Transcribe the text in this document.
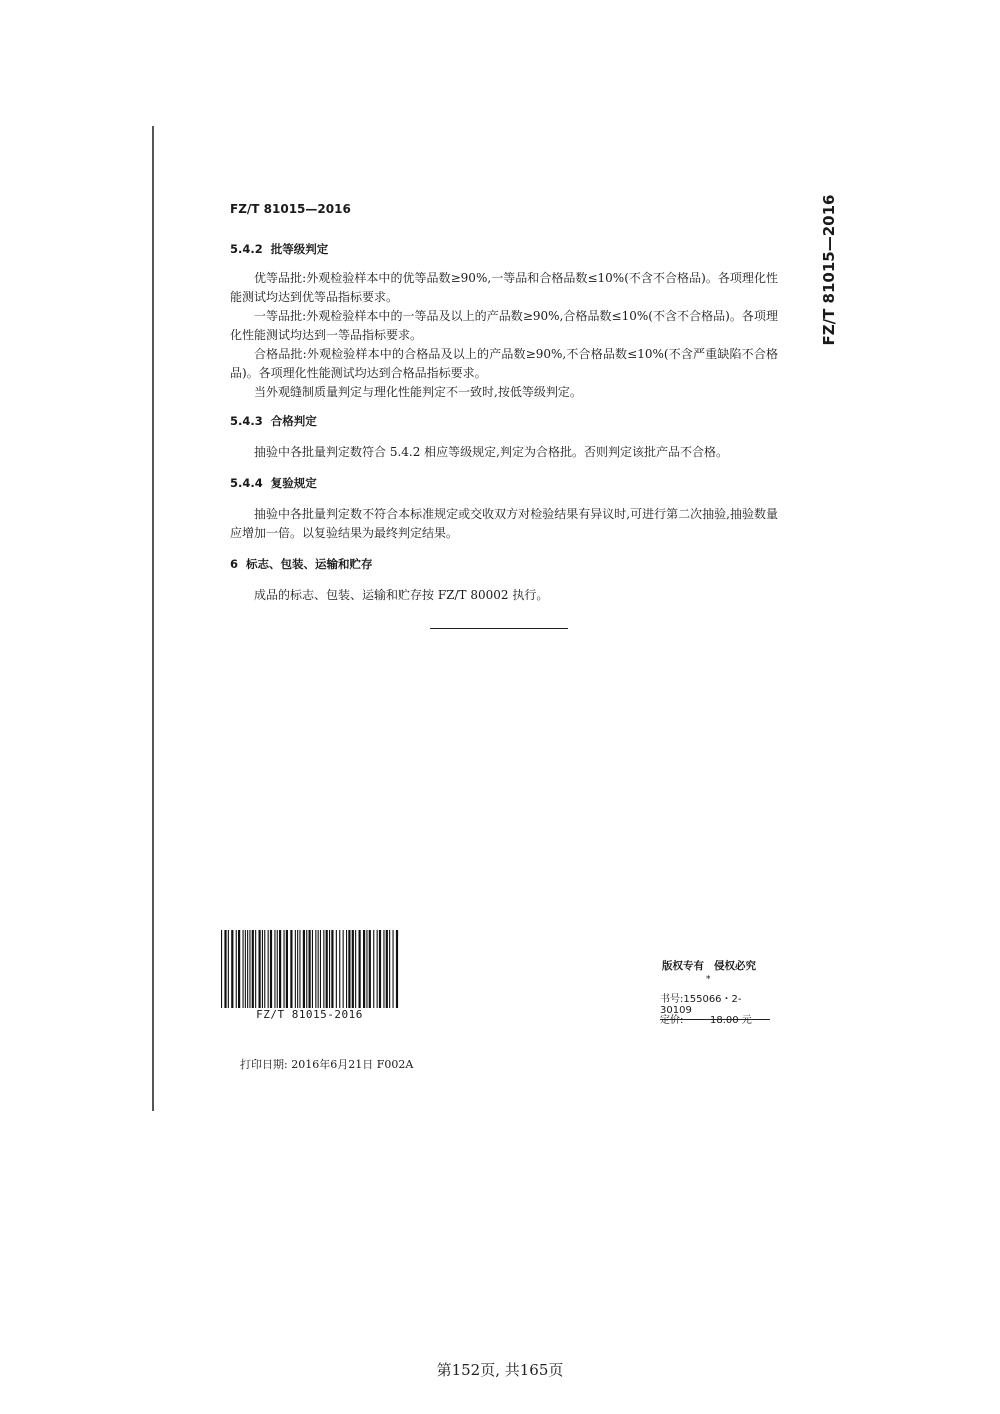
FZ/T 81015—2016	FZ/T 81015—2016

5.4.2 批等级判定

优等品批:外观检验样本中的优等品数≥90%,一等品和合格品数≤10%(不含不合格品)。各项理化性能测试均达到优等品指标要求。

一等品批:外观检验样本中的一等品及以上的产品数≥90%,合格品数≤10%(不含不合格品)。各项理化性能测试均达到一等品指标要求。

合格品批:外观检验样本中的合格品及以上的产品数≥90%,不合格品数≤10%(不含严重缺陷不合格品)。各项理化性能测试均达到合格品指标要求。

当外观缝制质量判定与理化性能判定不一致时,按低等级判定。

5.4.3 合格判定

抽验中各批量判定数符合 5.4.2 相应等级规定,判定为合格批。否则判定该批产品不合格。

5.4.4 复验规定

抽验中各批量判定数不符合本标准规定或交收双方对检验结果有异议时,可进行第二次抽验,抽验数量应增加一倍。以复验结果为最终判定结果。

6 标志、包装、运输和贮存

成品的标志、包装、运输和贮存按 FZ/T 80002 执行。

FZ/T 81015-2016
版权专有 侵权必究
*
书号:155066・2-30109
定价:	18.00 元
打印日期: 2016年6月21日 F002A
第152页, 共165页
